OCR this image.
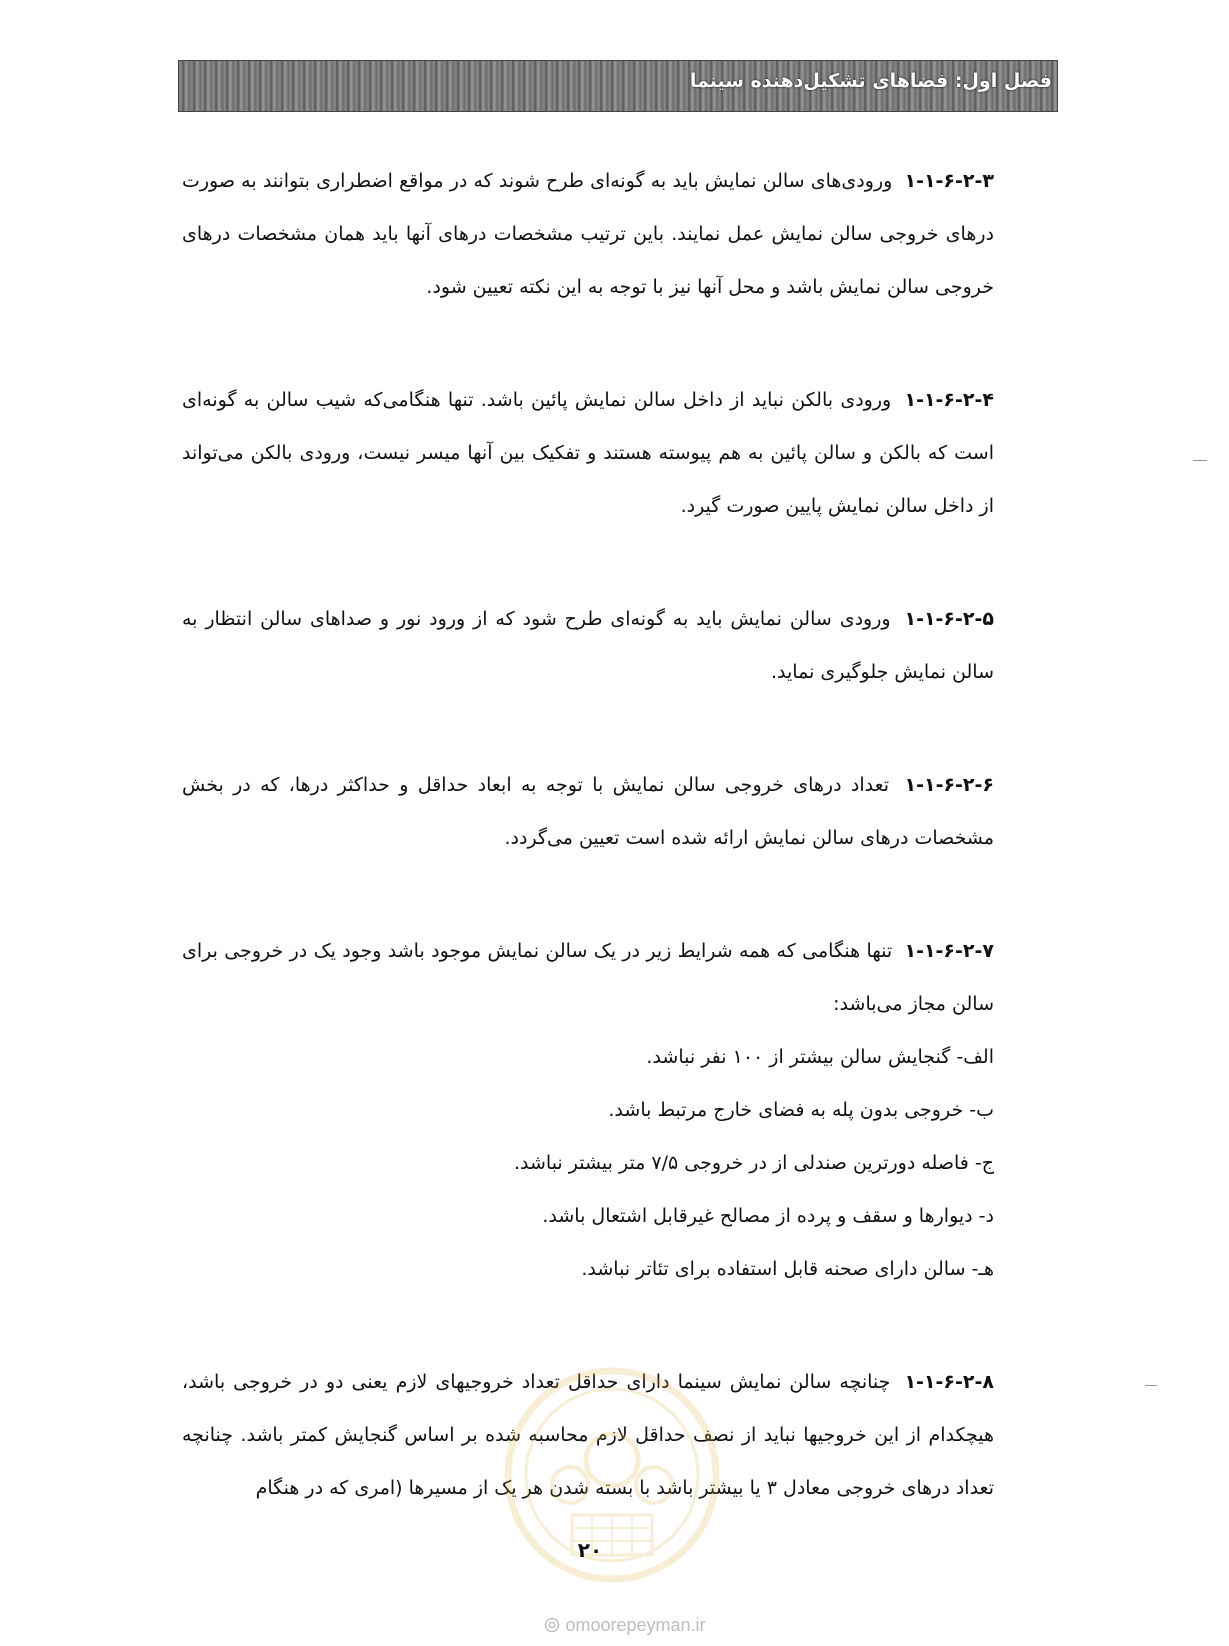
فصل اول: فضاهای تشکیل‌دهنده سینما

۱-۱-۶-۲-۳ ورودی‌های سالن نمایش باید به گونه‌ای طرح شوند که در مواقع اضطراری بتوانند به صورت درهای خروجی سالن نمایش عمل نمایند. باین ترتیب مشخصات درهای آنها باید همان مشخصات درهای خروجی سالن نمایش باشد و محل آنها نیز با توجه به این نکته تعیین شود.

۱-۱-۶-۲-۴ ورودی بالکن نباید از داخل سالن نمایش پائین باشد. تنها هنگامی‌که شیب سالن به گونه‌ای است که بالکن و سالن پائین به هم پیوسته هستند و تفکیک بین آنها میسر نیست، ورودی بالکن می‌تواند از داخل سالن نمایش پایین صورت گیرد.

۱-۱-۶-۲-۵ ورودی سالن نمایش باید به گونه‌ای طرح شود که از ورود نور و صداهای سالن انتظار به سالن نمایش جلوگیری نماید.

۱-۱-۶-۲-۶ تعداد درهای خروجی سالن نمایش با توجه به ابعاد حداقل و حداکثر درها، که در بخش مشخصات درهای سالن نمایش ارائه شده است تعیین می‌گردد.

۱-۱-۶-۲-۷ تنها هنگامی که همه شرایط زیر در یک سالن نمایش موجود باشد وجود یک در خروجی برای سالن مجاز می‌باشد:
الف- گنجایش سالن بیشتر از ۱۰۰ نفر نباشد.
ب- خروجی بدون پله به فضای خارج مرتبط باشد.
ج- فاصله دورترین صندلی از در خروجی ۷/۵ متر بیشتر نباشد.
د- دیوارها و سقف و پرده از مصالح غیرقابل اشتعال باشد.
هـ- سالن دارای صحنه قابل استفاده برای تئاتر نباشد.

۱-۱-۶-۲-۸ چنانچه سالن نمایش سینما دارای حداقل تعداد خروجیهای لازم یعنی دو در خروجی باشد، هیچکدام از این خروجیها نباید از نصف حداقل لازم محاسبه شده بر اساس گنجایش کمتر باشد. چنانچه تعداد درهای خروجی معادل ۳ یا بیشتر باشد با بسته شدن هر یک از مسیرها (امری که در هنگام

۲۰
omoorepeyman.ir
